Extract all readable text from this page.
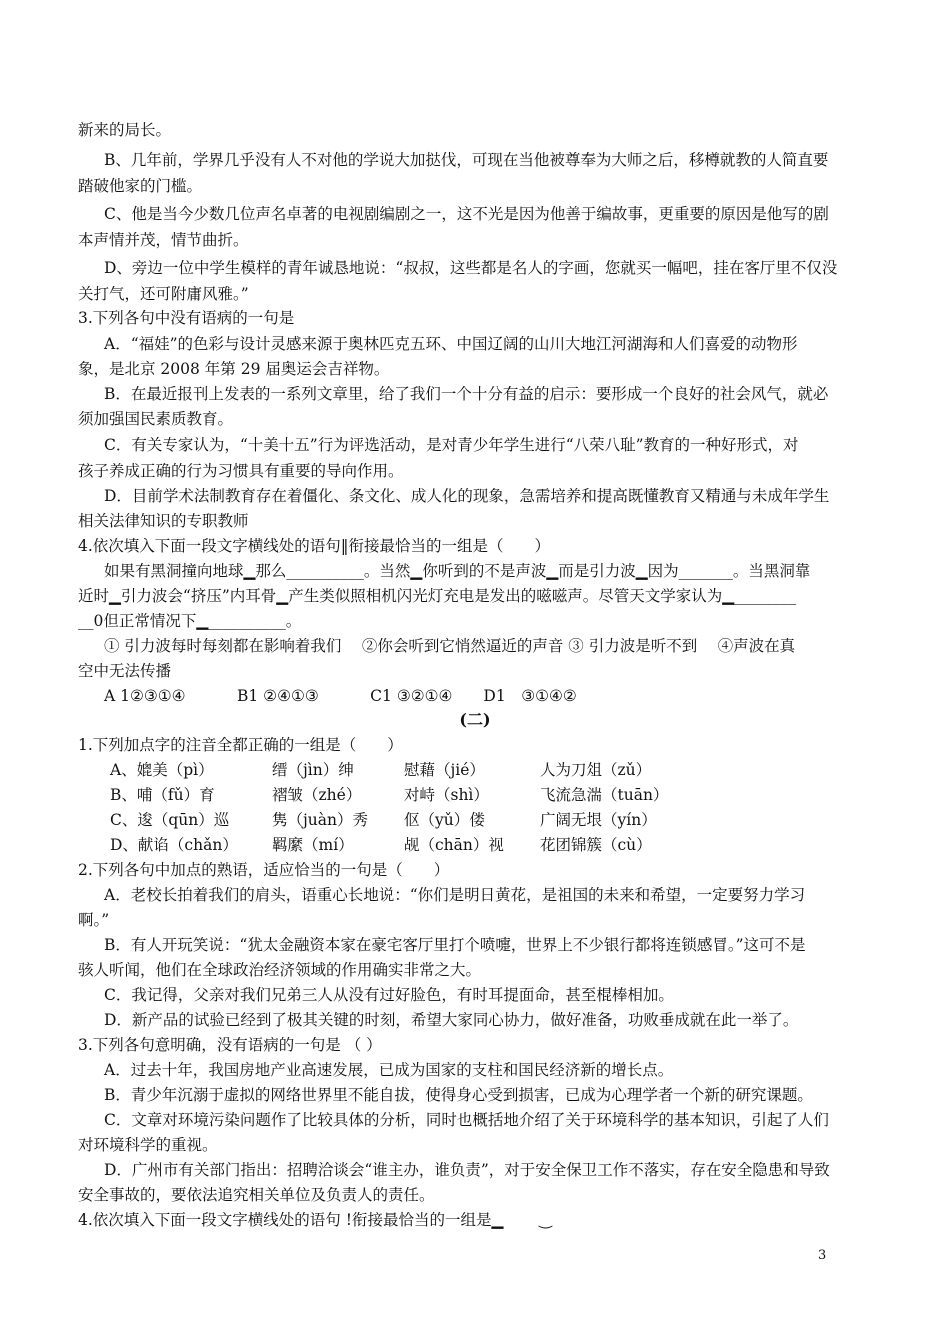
新来的局长。
B、几年前，学界几乎没有人不对他的学说大加挞伐，可现在当他被尊奉为大师之后，移樽就教的人简直要
踏破他家的门槛。
C、他是当今少数几位声名卓著的电视剧编剧之一，这不光是因为他善于编故事，更重要的原因是他写的剧
本声情并茂，情节曲折。
D、旁边一位中学生模样的青年诚恳地说：“叔叔，这些都是名人的字画，您就买一幅吧，挂在客厅里不仅没
关打气，还可附庸风雅。”
3.下列各句中没有语病的一句是
A．“福娃”的色彩与设计灵感来源于奥林匹克五环、中国辽阔的山川大地江河湖海和人们喜爱的动物形
象，是北京 2008 年第 29 届奥运会吉祥物。
B．在最近报刊上发表的一系列文章里，给了我们一个十分有益的启示：要形成一个良好的社会风气，就必
须加强国民素质教育。
C．有关专家认为，“十美十五”行为评选活动，是对青少年学生进行“八荣八耻”教育的一种好形式，对
孩子养成正确的行为习惯具有重要的导向作用。
D．目前学术法制教育存在着僵化、条文化、成人化的现象，急需培养和提高既懂教育又精通与未成年学生
相关法律知识的专职教师
4.依次填入下面一段文字横线处的语句‖衔接最恰当的一组是（　　）
如果有黑洞撞向地球▁那么__________。当然▁你听到的不是声波▁而是引力波▁因为_______。当黑洞靠
近时▁引力波会“挤压”内耳骨▁产生类似照相机闪光灯充电是发出的嗞嗞声。尽管天文学家认为▁________
__0但正常情况下▁__________。
① 引力波每时每刻都在影响着我们　 ②你会听到它悄然逼近的声音 ③ 引力波是听不到　 ④声波在真
空中无法传播
A 1②③①④　　　 B1 ②④①③　　　 C1 ③②①④　　D1　③①④②
(二)
1.下列加点字的注音全都正确的一组是（　　）
A、媲美（pì）	缙（jìn）绅	慰藉（jié）	人为刀俎（zǔ）
B、哺（fǔ）育	褶皱（zhé）	对峙（shì）	飞流急湍（tuān）
C、逡（qūn）巡	隽（juàn）秀 伛（yǔ）偻	广阔无垠（yín）
D、献谄（chǎn） 羁縻（mí）	觇（chān）视 花团锦簇（cù）
2.下列各句中加点的熟语，适应恰当的一句是（　　）
A．老校长拍着我们的肩头，语重心长地说：“你们是明日黄花，是祖国的未来和希望，一定要努力学习
啊。”
B．有人开玩笑说：“犹太金融资本家在豪宅客厅里打个喷嚏，世界上不少银行都将连锁感冒。”这可不是
骇人听闻，他们在全球政治经济领域的作用确实非常之大。
C．我记得，父亲对我们兄弟三人从没有过好脸色，有时耳提面命，甚至棍棒相加。
D．新产品的试验已经到了极其关键的时刻，希望大家同心协力，做好准备，功败垂成就在此一举了。
3.下列各句意明确，没有语病的一句是 （ ）
A．过去十年，我国房地产业高速发展，已成为国家的支柱和国民经济新的增长点。
B．青少年沉溺于虚拟的网络世界里不能自拔，使得身心受到损害，已成为心理学者一个新的研究课题。
C．文章对环境污染问题作了比较具体的分析，同时也概括地介绍了关于环境科学的基本知识，引起了人们
对环境科学的重视。
D．广州市有关部门指出：招聘洽谈会“谁主办，谁负责”，对于安全保卫工作不落实，存在安全隐患和导致
安全事故的，要依法追究相关单位及负责人的责任。
4.依次填入下面一段文字横线处的语句 !衔接最恰当的一组是▁　　 ‿
3
